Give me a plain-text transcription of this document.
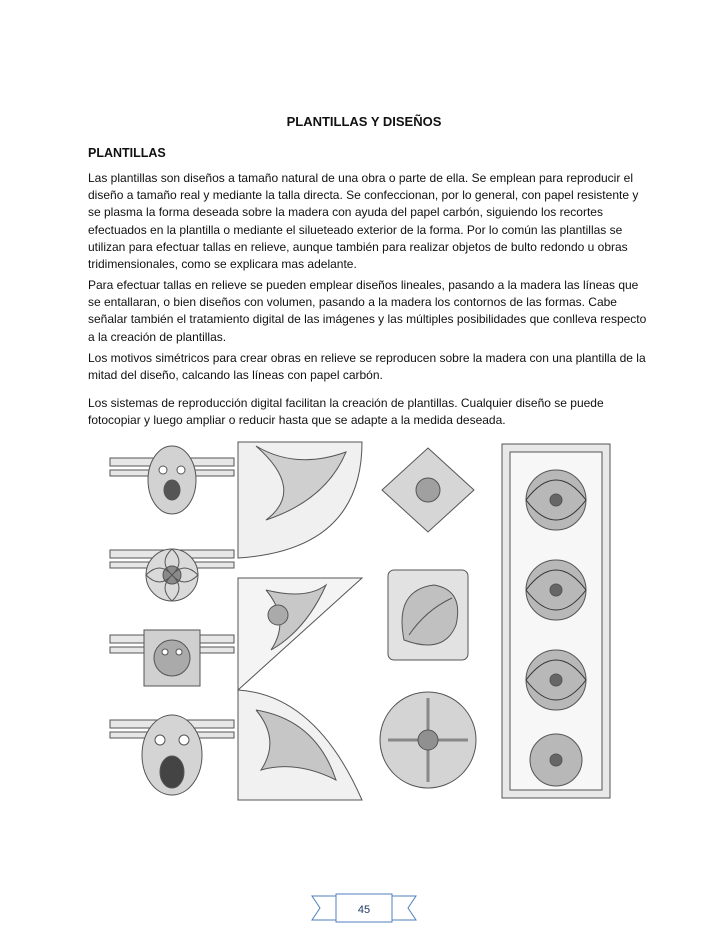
PLANTILLAS Y DISEÑOS
PLANTILLAS
Las plantillas son diseños a tamaño natural de una obra o parte de ella. Se emplean para reproducir el diseño a tamaño real y mediante la talla directa. Se confeccionan, por lo general, con papel resistente y se plasma la forma deseada sobre la madera con ayuda del papel carbón, siguiendo los recortes efectuados en la plantilla o mediante el silueteado exterior de la forma. Por lo común las plantillas se utilizan para efectuar tallas en relieve, aunque también para realizar objetos de bulto redondo u obras tridimensionales, como se explicara mas adelante.
Para efectuar tallas en relieve se pueden emplear diseños lineales, pasando a la madera las líneas que se entallaran, o bien diseños con volumen, pasando a la madera los contornos de las formas. Cabe señalar también el tratamiento digital de las imágenes y las múltiples posibilidades que conlleva respecto a la creación de plantillas.
Los motivos simétricos para crear obras en relieve se reproducen sobre la madera con una plantilla de la mitad del diseño, calcando las líneas con papel carbón.
Los sistemas de reproducción digital facilitan la creación de plantillas. Cualquier diseño se puede fotocopiar y luego ampliar o reducir hasta que se adapte a la medida deseada.
45
